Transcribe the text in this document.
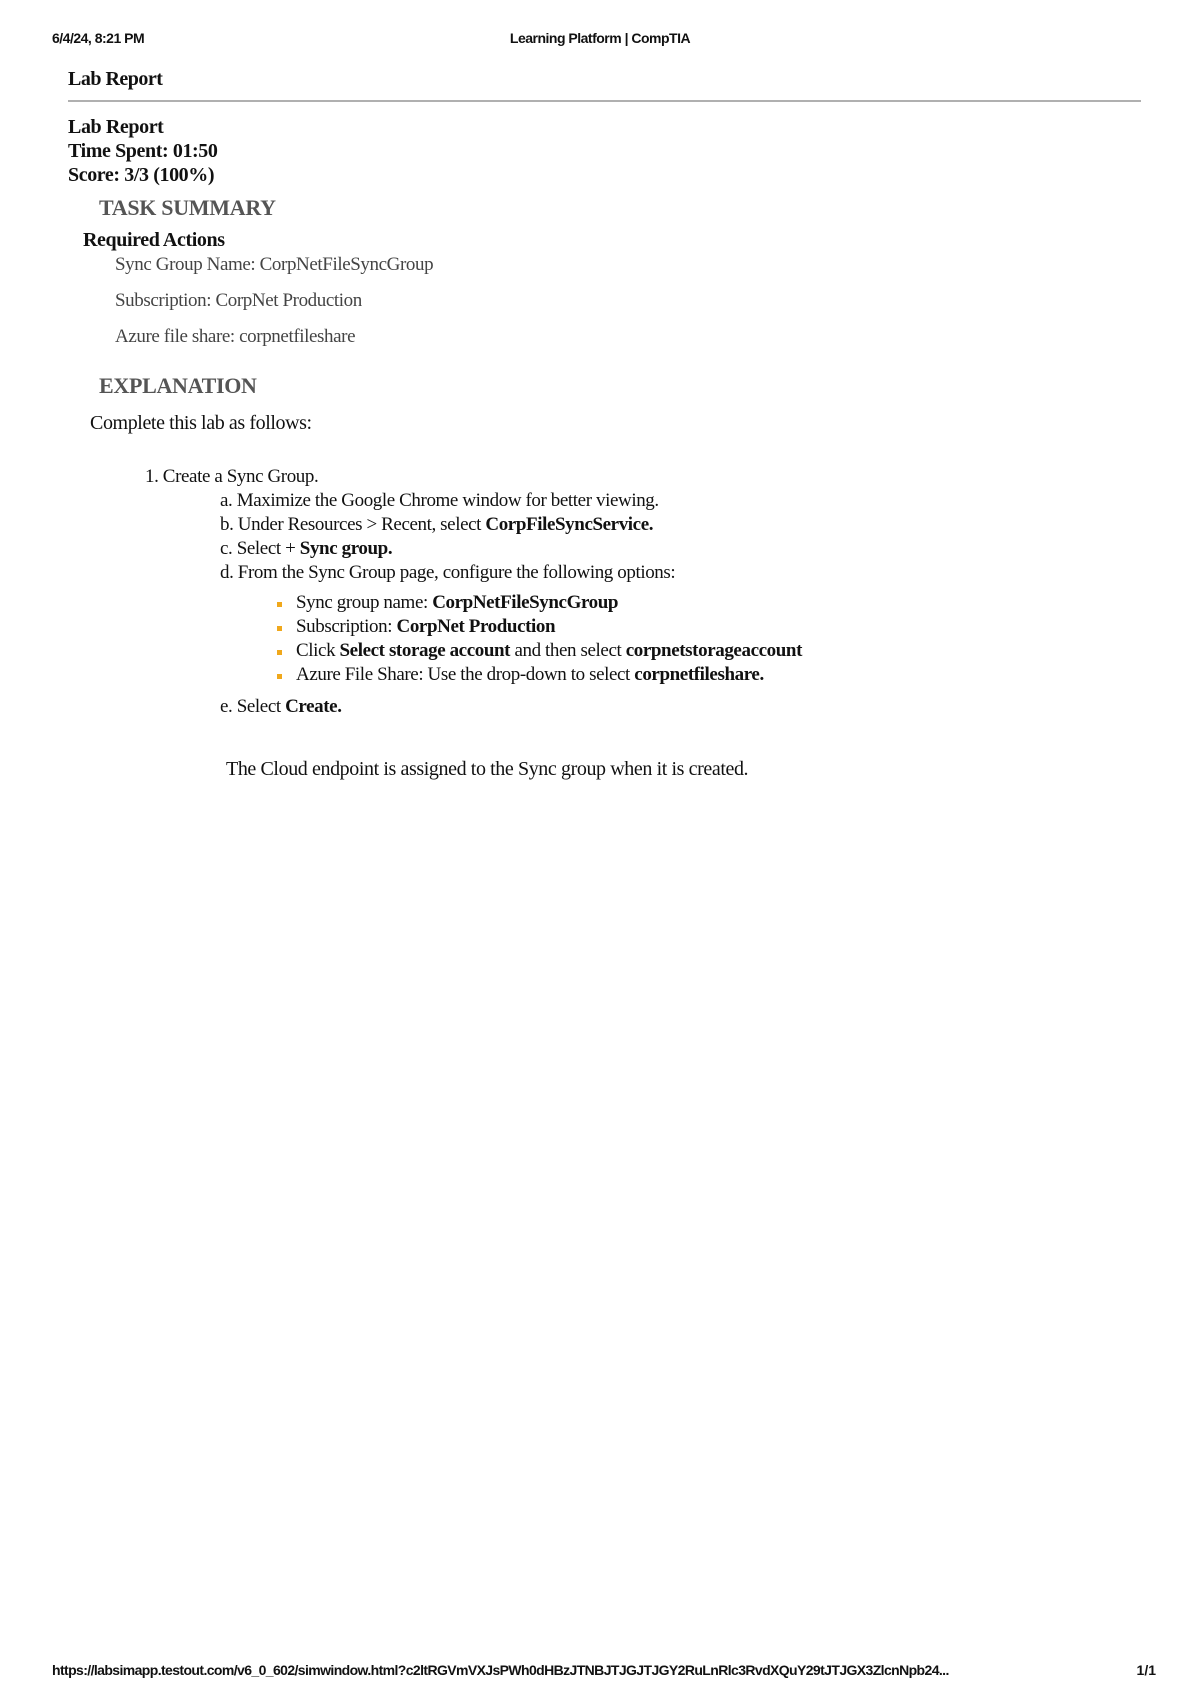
6/4/24, 8:21 PM	Learning Platform | CompTIA
Lab Report
Lab Report
Time Spent: 01:50
Score: 3/3 (100%)
TASK SUMMARY
Required Actions
Sync Group Name: CorpNetFileSyncGroup
Subscription: CorpNet Production
Azure file share: corpnetfileshare
EXPLANATION
Complete this lab as follows:
1. Create a Sync Group.
a. Maximize the Google Chrome window for better viewing.
b. Under Resources > Recent, select CorpFileSyncService.
c. Select + Sync group.
d. From the Sync Group page, configure the following options:
Sync group name: CorpNetFileSyncGroup
Subscription: CorpNet Production
Click Select storage account and then select corpnetstorageaccount
Azure File Share: Use the drop-down to select corpnetfileshare.
e. Select Create.
The Cloud endpoint is assigned to the Sync group when it is created.
https://labsimapp.testout.com/v6_0_602/simwindow.html?c2ltRGVmVXJsPWh0dHBzJTNBJTJGJTJGY2RuLnRlc3RvdXQuY29tJTJGX3ZlcnNpb24...	1/1
